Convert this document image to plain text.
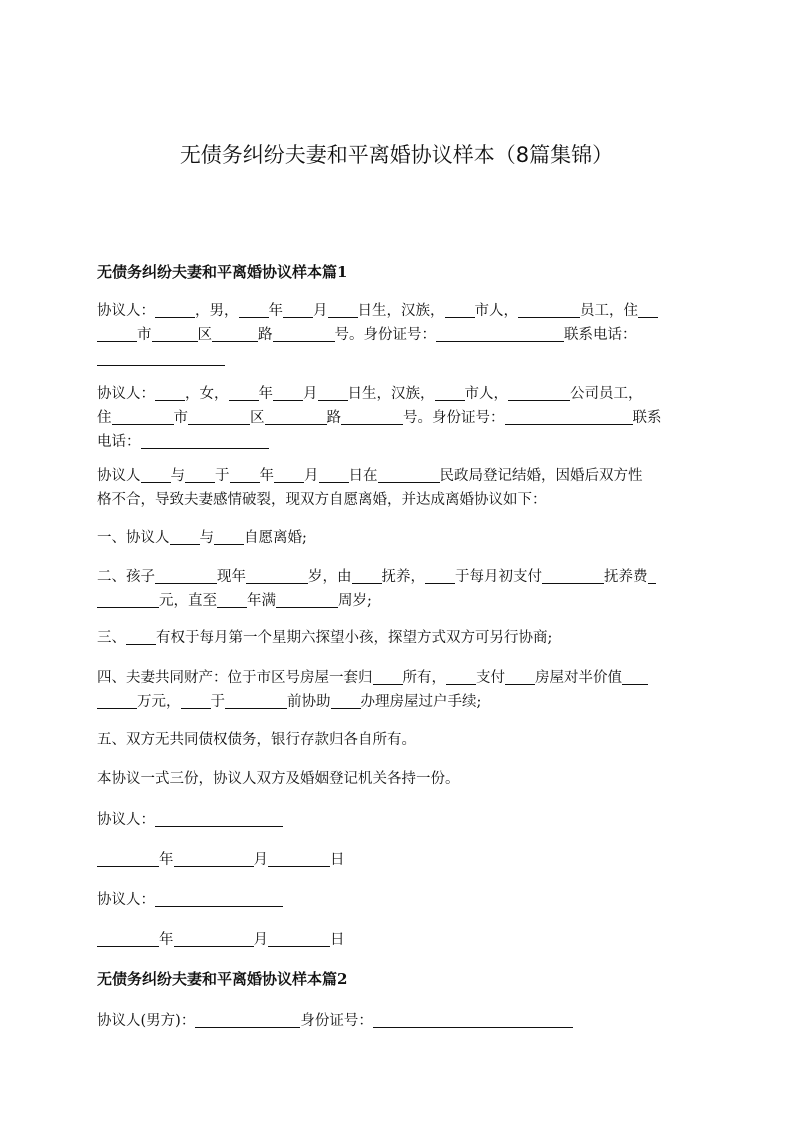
无债务纠纷夫妻和平离婚协议样本（8篇集锦）
无债务纠纷夫妻和平离婚协议样本篇1
协议人：	，男， 年 月 日生，汉族， 市人，	员工，住
市	区	路	号。身份证号：	联系电话：

协议人： ，女， 年 月 日生，汉族， 市人，	公司员工，
住	市	区	路	号。身份证号：	联系
电话：
协议人 与 于 年 月 日在	民政局登记结婚，因婚后双方性
格不合，导致夫妻感情破裂，现双方自愿离婚，并达成离婚协议如下：
一、协议人 与 自愿离婚;
二、孩子	现年	岁，由 抚养， 于每月初支付	抚养费
元，直至 年满	周岁;
三、 有权于每月第一个星期六探望小孩，探望方式双方可另行协商;
四、夫妻共同财产：位于市区号房屋一套归 所有， 支付 房屋对半价值
万元， 于	前协助 办理房屋过户手续;
五、双方无共同债权债务，银行存款归各自所有。
本协议一式三份，协议人双方及婚姻登记机关各持一份。
协议人：
年	月	日
协议人：
年	月	日
无债务纠纷夫妻和平离婚协议样本篇2
协议人(男方)：	身份证号：
